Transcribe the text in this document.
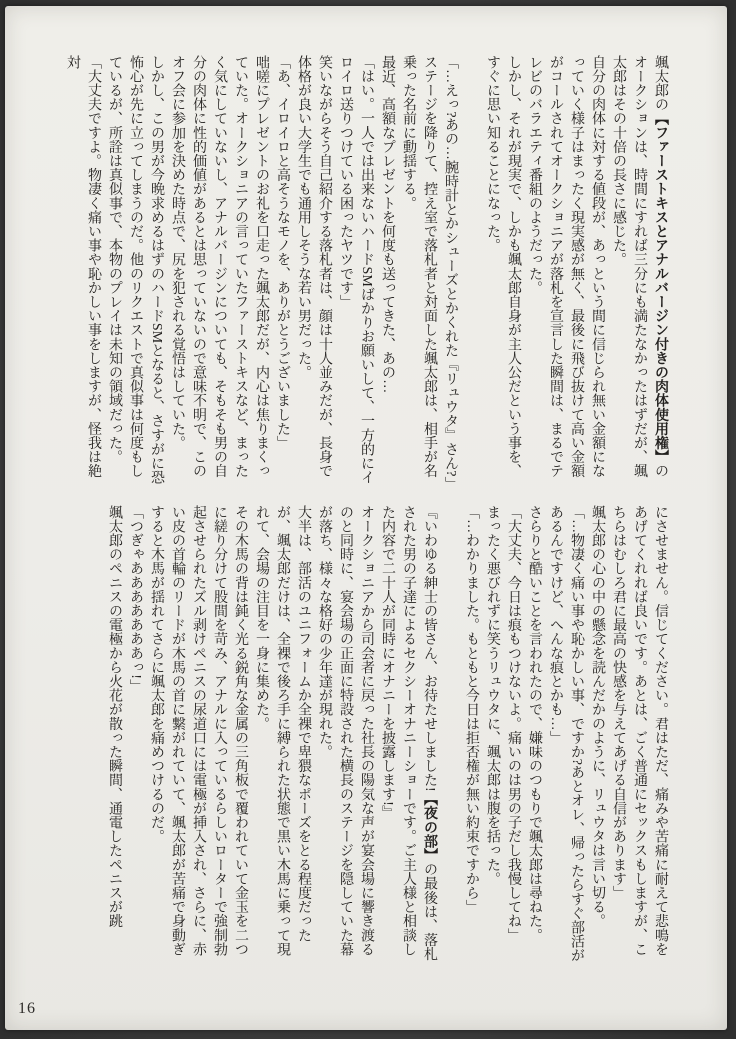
颯太郎の【ファーストキスとアナルバージン付きの肉体使用権】のオークションは、時間にすれば三分にも満たなかったはずだが、颯太郎はその十倍の長さに感じた。

自分の肉体に対する値段が、あっという間に信じられ無い金額になっていく様子はまったく現実感が無く、最後に飛び抜けて高い金額がコールされてオークショニアが落札を宣言した瞬間は、まるでテレビのバラエティ番組のようだった。

しかし、それが現実で、しかも颯太郎自身が主人公だという事を、すぐに思い知ることになった。

「…えっ?あの…腕時計とかシューズとかくれた『リュウタ』さん?」

ステージを降りて、控え室で落札者と対面した颯太郎は、相手が名乗った名前に動揺する。

最近、高額なプレゼントを何度も送ってきた、あの…

「はい。一人では出来ないハードSMばかりお願いして、一方的にイロイロ送りつけている困ったヤツです」

笑いながらそう自己紹介する落札者は、顔は十人並みだが、長身で体格が良い大学生でも通用しそうな若い男だった。

「あ、イロイロと高そうなモノを、ありがとうございました」

咄嗟にプレゼントのお礼を口走った颯太郎だが、内心は焦りまくっていた。オークショニアの言っていたファーストキスなど、まったく気にしていないし、アナルバージンについても、そもそも男の自分の肉体に性的価値があるとは思っていないので意味不明で、このオフ会に参加を決めた時点で、尻を犯される覚悟はしていた。

しかし、この男が今晩求めるはずのハードSMとなると、さすがに恐怖心が先に立ってしまうのだ。他のリクエストで真似事は何度もしているが、所詮は真似事で、本物のプレイは未知の領域だった。

「大丈夫ですよ。物凄く痛い事や恥かしい事をしますが、怪我は絶対

にさせません。信じてください。君はただ、痛みや苦痛に耐えて悲鳴をあげてくれれば良いです。あとは、ごく普通にセックスもしますが、こちらはむしろ君に最高の快感を与えてあげる自信があります」

颯太郎の心の中の懸念を読んだかのように、リュウタは言い切る。

「…物凄く痛い事や恥かしい事、ですか?あとオレ、帰ったらすぐ部活があるんですけど、へんな痕とかも…」

さらりと酷いことを言われたので、嫌味のつもりで颯太郎は尋ねた。

「大丈夫、今日は痕もつけないよ。痛いのは男の子だし我慢してね」

まったく悪びれずに笑うリュウタに、颯太郎は腹を括った。

「…わかりました。もともと今日は拒否権が無い約束ですから」

『いわゆる紳士の皆さん、お待たせしました!【夜の部】の最後は、落札された男の子達によるセクシーオナニーショーです。ご主人様と相談した内容で二十人が同時にオナニーを披露します!』

オークショニアから司会者に戻った社長の陽気な声が宴会場に響き渡るのと同時に、宴会場の正面に特設された横長のステージを隠していた幕が落ち、様々な格好の少年達が現れた。

大半は、部活のユニフォームか全裸で卑猥なポーズをとる程度だったが、颯太郎だけは、全裸で後ろ手に縛られた状態で黒い木馬に乗って現れて、会場の注目を一身に集めた。

その木馬の背は鈍く光る鋭角な金属の三角板で覆われていて金玉を二つに縒り分けて股間を苛み、アナルに入っているらしいローターで強制勃起させられたズル剥けペニスの尿道口には電極が挿入され、さらに、赤い皮の首輪のリードが木馬の首に繋がれていて、颯太郎が苦痛で身動ぎすると木馬が揺れてさらに颯太郎を痛めつけるのだ。

「つぎゃあああああああっ!」

颯太郎のペニスの電極から火花が散った瞬間、通電したペニスが跳

16
